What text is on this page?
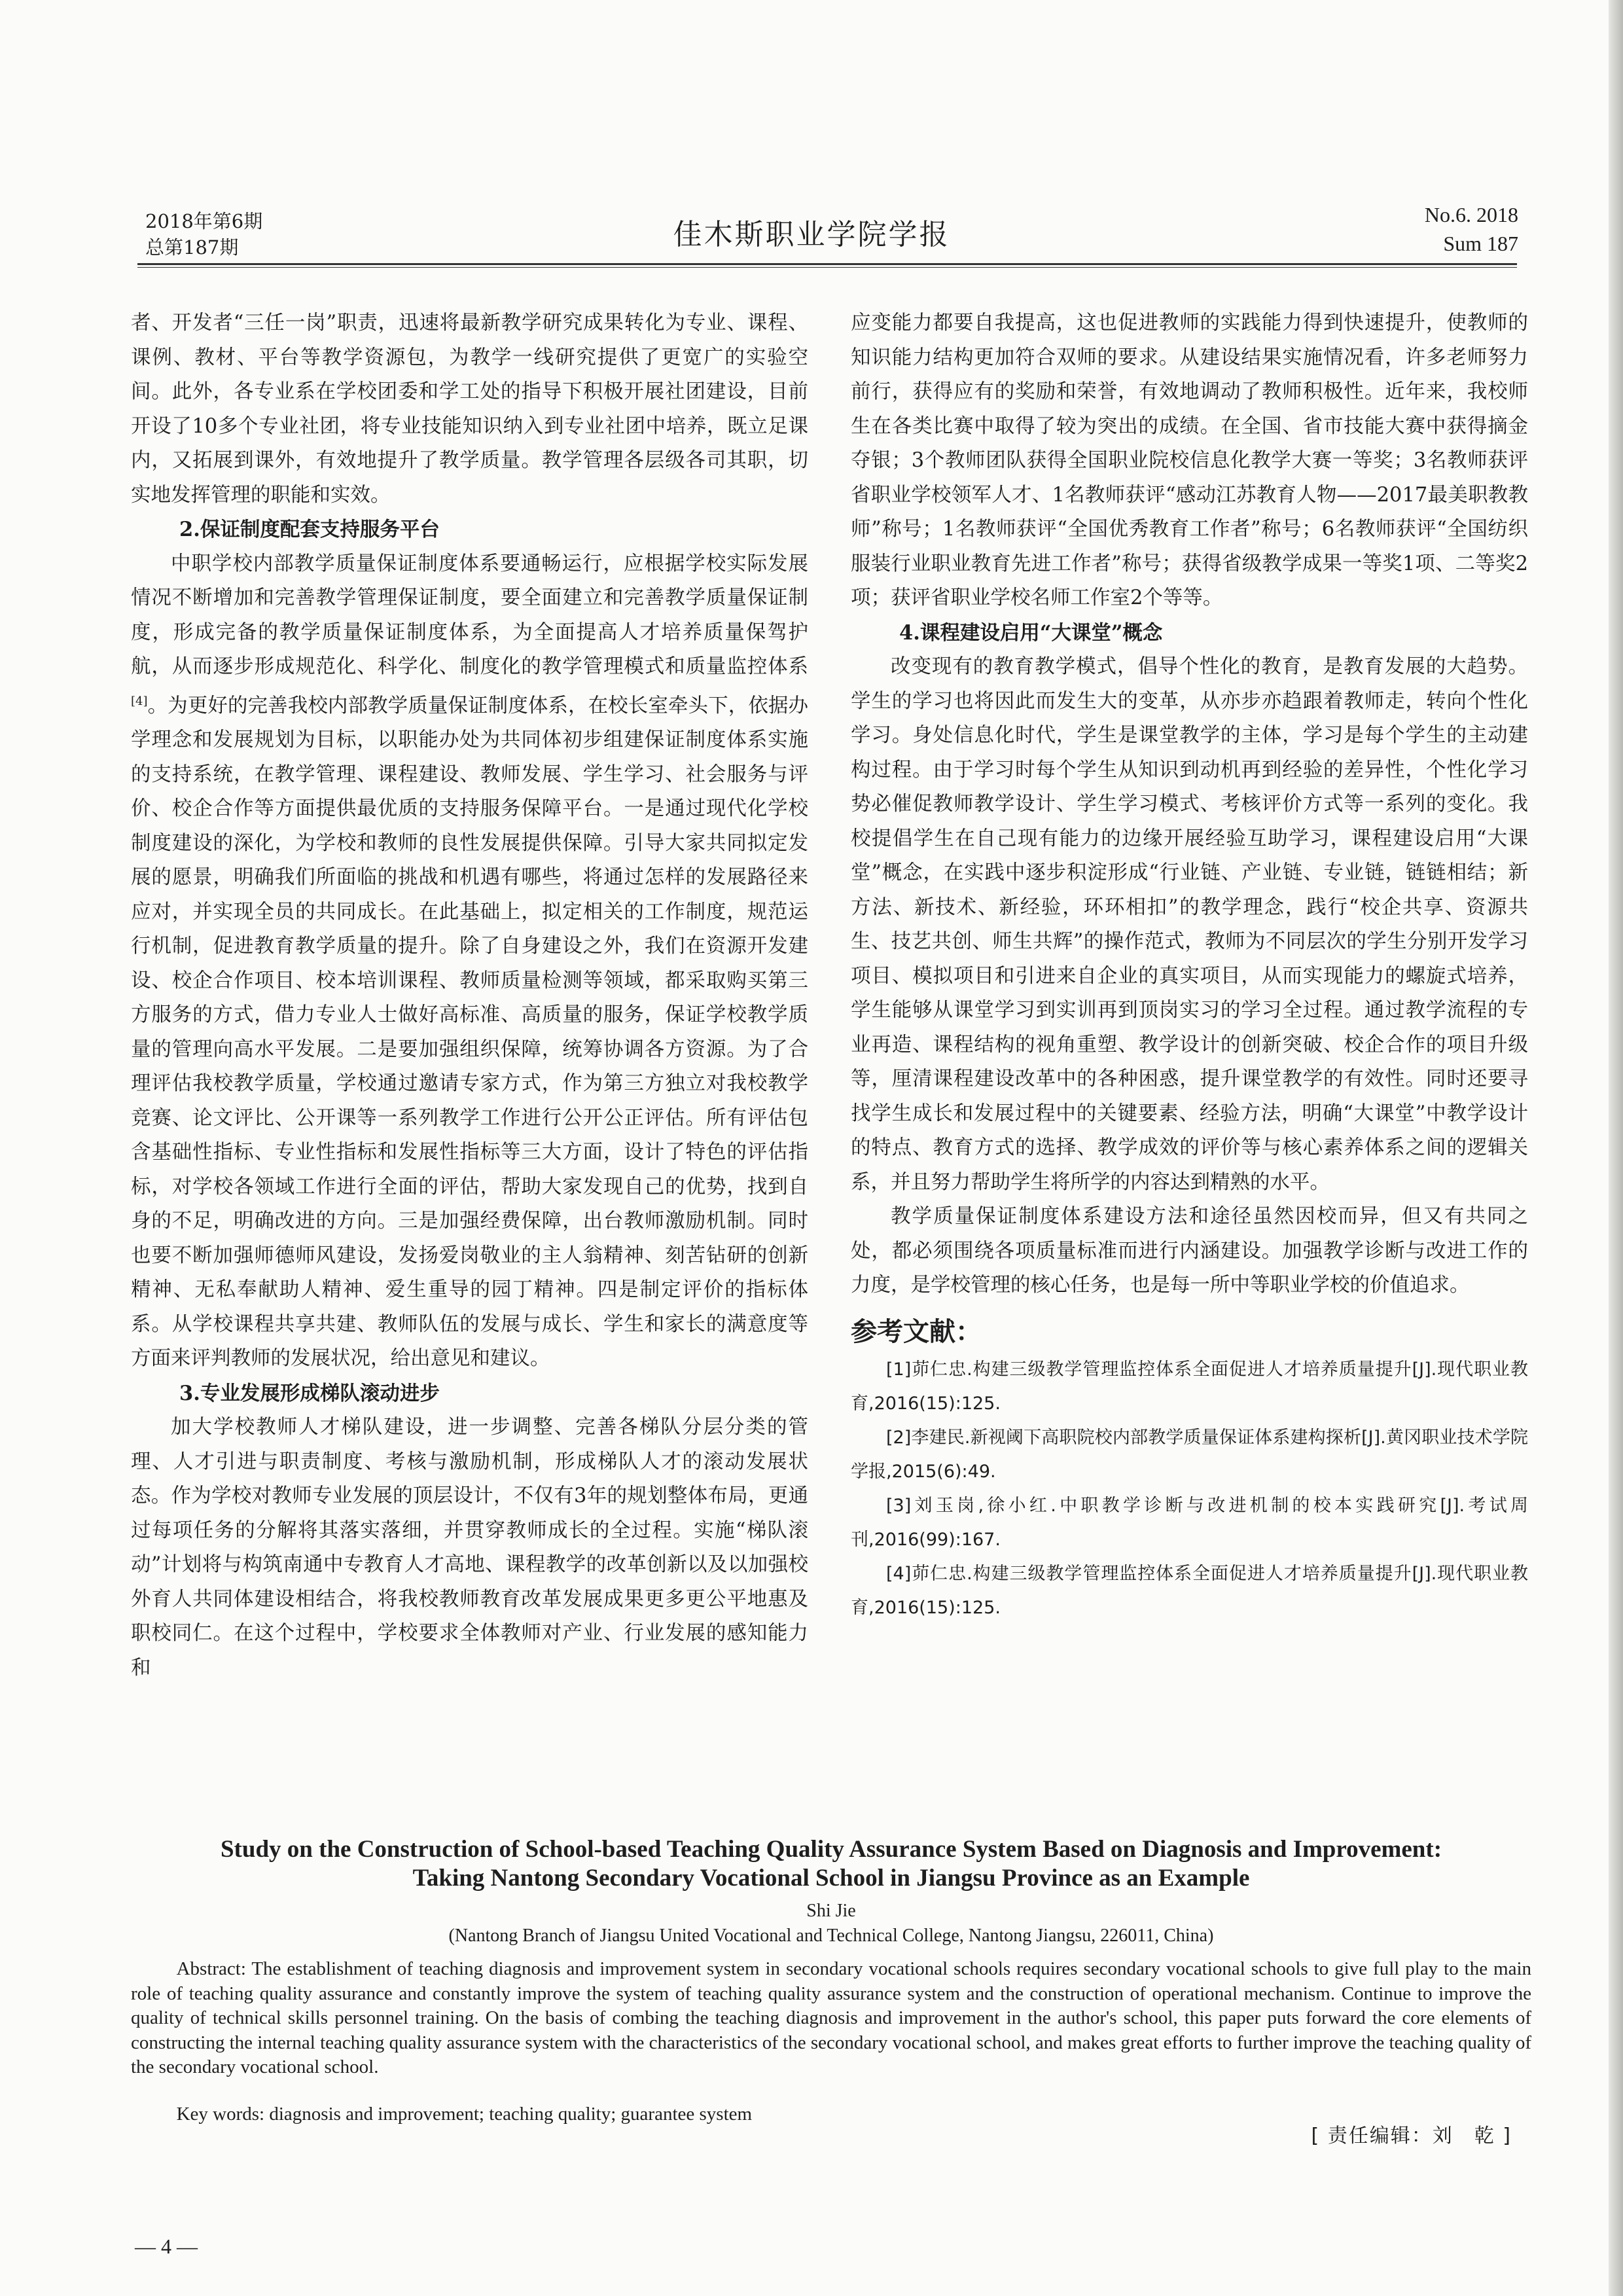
2018年第6期
总第187期	佳木斯职业学院学报
No.6. 2018
Sum 187

者、开发者“三任一岗”职责，迅速将最新教学研究成果转化为专业、课程、课例、教材、平台等教学资源包，为教学一线研究提供了更宽广的实验空间。此外，各专业系在学校团委和学工处的指导下积极开展社团建设，目前开设了10多个专业社团，将专业技能知识纳入到专业社团中培养，既立足课内，又拓展到课外，有效地提升了教学质量。教学管理各层级各司其职，切实地发挥管理的职能和实效。

2.保证制度配套支持服务平台

中职学校内部教学质量保证制度体系要通畅运行，应根据学校实际发展情况不断增加和完善教学管理保证制度，要全面建立和完善教学质量保证制度，形成完备的教学质量保证制度体系，为全面提高人才培养质量保驾护航，从而逐步形成规范化、科学化、制度化的教学管理模式和质量监控体系[4]。为更好的完善我校内部教学质量保证制度体系，在校长室牵头下，依据办学理念和发展规划为目标，以职能办处为共同体初步组建保证制度体系实施的支持系统，在教学管理、课程建设、教师发展、学生学习、社会服务与评价、校企合作等方面提供最优质的支持服务保障平台。一是通过现代化学校制度建设的深化，为学校和教师的良性发展提供保障。引导大家共同拟定发展的愿景，明确我们所面临的挑战和机遇有哪些，将通过怎样的发展路径来应对，并实现全员的共同成长。在此基础上，拟定相关的工作制度，规范运行机制，促进教育教学质量的提升。除了自身建设之外，我们在资源开发建设、校企合作项目、校本培训课程、教师质量检测等领域，都采取购买第三方服务的方式，借力专业人士做好高标准、高质量的服务，保证学校教学质量的管理向高水平发展。二是要加强组织保障，统筹协调各方资源。为了合理评估我校教学质量，学校通过邀请专家方式，作为第三方独立对我校教学竞赛、论文评比、公开课等一系列教学工作进行公开公正评估。所有评估包含基础性指标、专业性指标和发展性指标等三大方面，设计了特色的评估指标，对学校各领域工作进行全面的评估，帮助大家发现自己的优势，找到自身的不足，明确改进的方向。三是加强经费保障，出台教师激励机制。同时也要不断加强师德师风建设，发扬爱岗敬业的主人翁精神、刻苦钻研的创新精神、无私奉献助人精神、爱生重导的园丁精神。四是制定评价的指标体系。从学校课程共享共建、教师队伍的发展与成长、学生和家长的满意度等方面来评判教师的发展状况，给出意见和建议。

3.专业发展形成梯队滚动进步

加大学校教师人才梯队建设，进一步调整、完善各梯队分层分类的管理、人才引进与职责制度、考核与激励机制，形成梯队人才的滚动发展状态。作为学校对教师专业发展的顶层设计，不仅有3年的规划整体布局，更通过每项任务的分解将其落实落细，并贯穿教师成长的全过程。实施“梯队滚动”计划将与构筑南通中专教育人才高地、课程教学的改革创新以及以加强校外育人共同体建设相结合，将我校教师教育改革发展成果更多更公平地惠及职校同仁。在这个过程中，学校要求全体教师对产业、行业发展的感知能力和

应变能力都要自我提高，这也促进教师的实践能力得到快速提升，使教师的知识能力结构更加符合双师的要求。从建设结果实施情况看，许多老师努力前行，获得应有的奖励和荣誉，有效地调动了教师积极性。近年来，我校师生在各类比赛中取得了较为突出的成绩。在全国、省市技能大赛中获得摘金夺银；3个教师团队获得全国职业院校信息化教学大赛一等奖；3名教师获评省职业学校领军人才、1名教师获评“感动江苏教育人物——2017最美职教教师”称号；1名教师获评“全国优秀教育工作者”称号；6名教师获评“全国纺织服装行业职业教育先进工作者”称号；获得省级教学成果一等奖1项、二等奖2项；获评省职业学校名师工作室2个等等。

4.课程建设启用“大课堂”概念

改变现有的教育教学模式，倡导个性化的教育，是教育发展的大趋势。学生的学习也将因此而发生大的变革，从亦步亦趋跟着教师走，转向个性化学习。身处信息化时代，学生是课堂教学的主体，学习是每个学生的主动建构过程。由于学习时每个学生从知识到动机再到经验的差异性，个性化学习势必催促教师教学设计、学生学习模式、考核评价方式等一系列的变化。我校提倡学生在自己现有能力的边缘开展经验互助学习，课程建设启用“大课堂”概念，在实践中逐步积淀形成“行业链、产业链、专业链，链链相结；新方法、新技术、新经验，环环相扣”的教学理念，践行“校企共享、资源共生、技艺共创、师生共辉”的操作范式，教师为不同层次的学生分别开发学习项目、模拟项目和引进来自企业的真实项目，从而实现能力的螺旋式培养，学生能够从课堂学习到实训再到顶岗实习的学习全过程。通过教学流程的专业再造、课程结构的视角重塑、教学设计的创新突破、校企合作的项目升级等，厘清课程建设改革中的各种困惑，提升课堂教学的有效性。同时还要寻找学生成长和发展过程中的关键要素、经验方法，明确“大课堂”中教学设计的特点、教育方式的选择、教学成效的评价等与核心素养体系之间的逻辑关系，并且努力帮助学生将所学的内容达到精熟的水平。

教学质量保证制度体系建设方法和途径虽然因校而异，但又有共同之处，都必须围绕各项质量标准而进行内涵建设。加强教学诊断与改进工作的力度，是学校管理的核心任务，也是每一所中等职业学校的价值追求。

参考文献：

[1]茆仁忠.构建三级教学管理监控体系全面促进人才培养质量提升[J].现代职业教育,2016(15):125.

[2]李建民.新视阈下高职院校内部教学质量保证体系建构探析[J].黄冈职业技术学院学报,2015(6):49.

[3]刘玉岗,徐小红.中职教学诊断与改进机制的校本实践研究[J].考试周刊,2016(99):167.

[4]茆仁忠.构建三级教学管理监控体系全面促进人才培养质量提升[J].现代职业教育,2016(15):125.

Study on the Construction of School-based Teaching Quality Assurance System Based on Diagnosis and Improvement:
Taking Nantong Secondary Vocational School in Jiangsu Province as an Example
Shi Jie
(Nantong Branch of Jiangsu United Vocational and Technical College, Nantong Jiangsu, 226011, China)
Abstract: The establishment of teaching diagnosis and improvement system in secondary vocational schools requires secondary vocational schools to give full play to the main role of teaching quality assurance and constantly improve the system of teaching quality assurance system and the construction of operational mechanism. Continue to improve the quality of technical skills personnel training. On the basis of combing the teaching diagnosis and improvement in the author's school, this paper puts forward the core elements of constructing the internal teaching quality assurance system with the characteristics of the secondary vocational school, and makes great efforts to further improve the teaching quality of the secondary vocational school.
Key words: diagnosis and improvement; teaching quality; guarantee system
[ 责任编辑：刘　乾 ]
— 4 —
